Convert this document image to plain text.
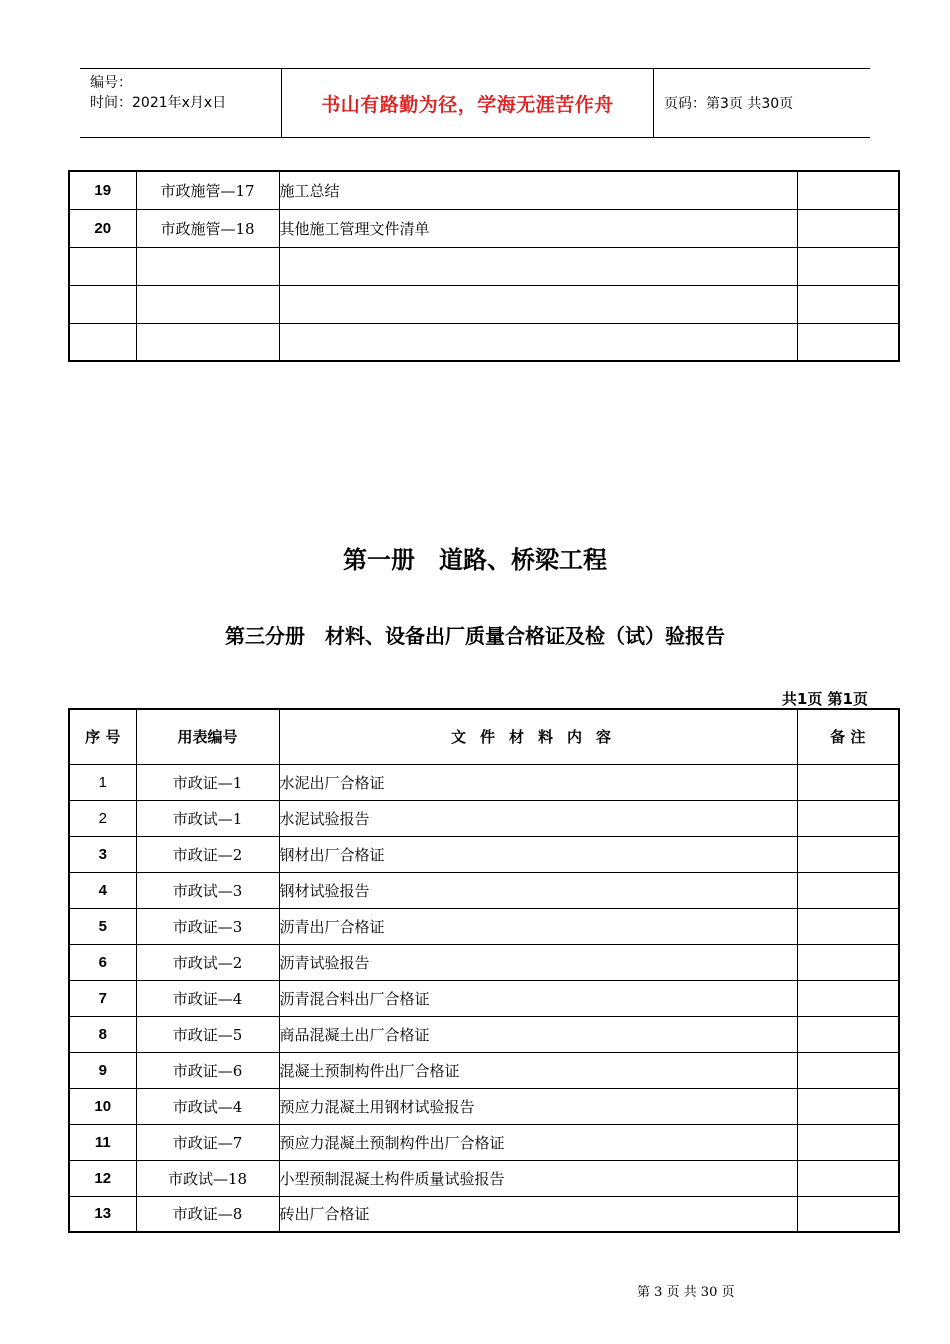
编号：
时间：2021年x月x日	书山有路勤为径，学海无涯苦作舟	页码：第3页 共30页
19	市政施管—17	施工总结	
20	市政施管—18	其他施工管理文件清单	

第一册　道路、桥梁工程
第三分册　材料、设备出厂质量合格证及检（试）验报告
共1页 第1页
序 号	用表编号	文件材料内容	备 注
1	市政证—1	水泥出厂合格证	
2	市政试—1	水泥试验报告	
3	市政证—2	钢材出厂合格证	
4	市政试—3	钢材试验报告	
5	市政证—3	沥青出厂合格证	
6	市政试—2	沥青试验报告	
7	市政证—4	沥青混合料出厂合格证	
8	市政证—5	商品混凝土出厂合格证	
9	市政证—6	混凝土预制构件出厂合格证	
10	市政试—4	预应力混凝土用钢材试验报告	
11	市政证—7	预应力混凝土预制构件出厂合格证	
12	市政试—18	小型预制混凝土构件质量试验报告	
13	市政证—8	砖出厂合格证	
第 3 页 共 30 页
